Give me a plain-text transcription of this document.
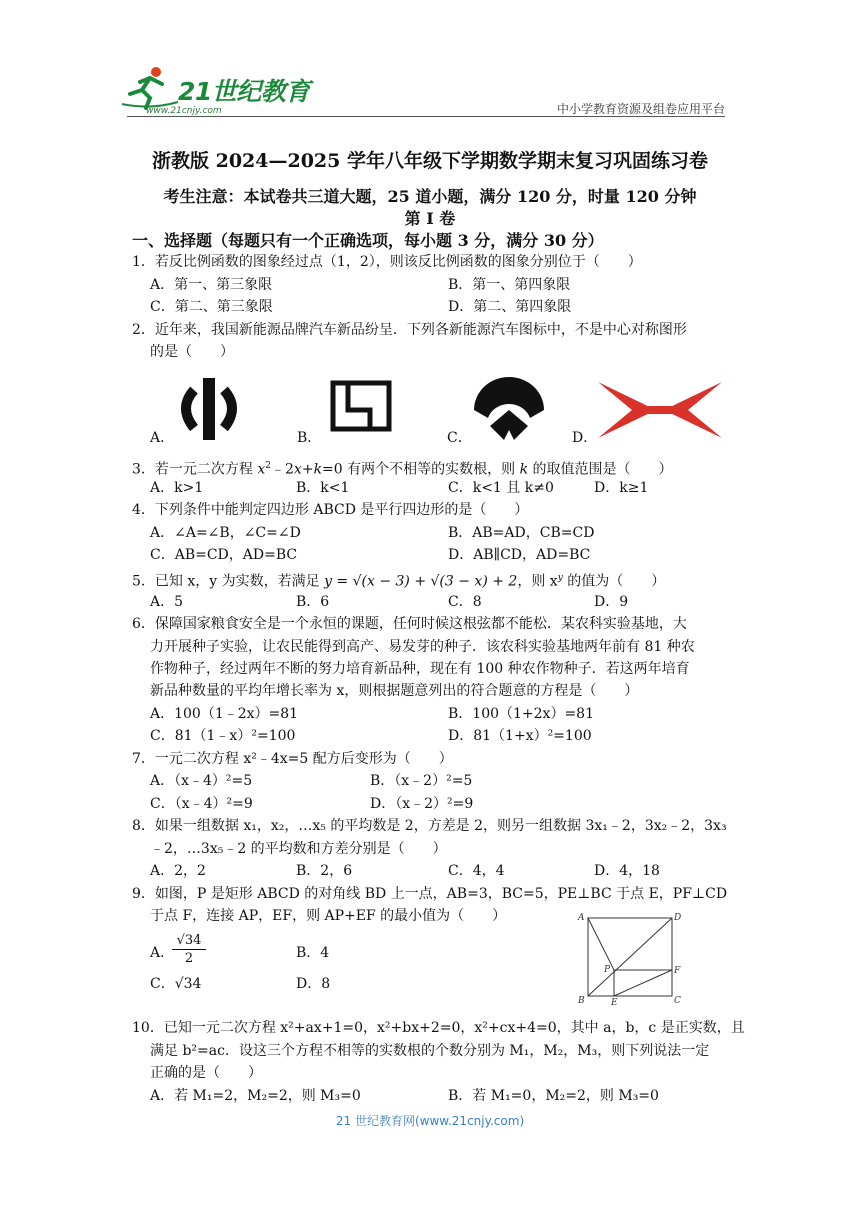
21世纪教育
www.21cnjy.com	中小学教育资源及组卷应用平台
浙教版 2024—2025 学年八年级下学期数学期末复习巩固练习卷
考生注意：本试卷共三道大题，25 道小题，满分 120 分，时量 120 分钟
第 I 卷
一、选择题（每题只有一个正确选项，每小题 3 分，满分 30 分）
1．若反比例函数的图象经过点（1，2），则该反比例函数的图象分别位于（　　）
A．第一、第三象限	B．第一、第四象限
C．第二、第三象限	D．第二、第四象限
2．近年来，我国新能源品牌汽车新品纷呈．下列各新能源汽车图标中，不是中心对称图形
的是（　　）
A．	B．	C．	D．
3．若一元二次方程 $x^2﹣2x+k=0$ 有两个不相等的实数根，则 k 的取值范围是（　　）
A．k>1	B．k<1	C．k<1 且 k≠0	D．k≥1
4．下列条件中能判定四边形 ABCD 是平行四边形的是（　　）
A．∠A=∠B，∠C=∠D	B．AB=AD，CB=CD
C．AB=CD，AD=BC	D．AB∥CD，AD=BC
5．已知 x，y 为实数，若满足 y = √(x − 3) + √(3 − x) + 2，则 $x^y$ 的值为（　　）
A．5	B．6	C．8	D．9
6．保障国家粮食安全是一个永恒的课题，任何时候这根弦都不能松．某农科实验基地，大
力开展种子实验，让农民能得到高产、易发芽的种子．该农科实验基地两年前有 81 种农
作物种子，经过两年不断的努力培育新品种，现在有 100 种农作物种子．若这两年培育
新品种数量的平均年增长率为 x，则根据题意列出的符合题意的方程是（　　）
A．100（1﹣2x）=81	B．100（1+2x）=81
C．81（1﹣x）²=100	D．81（1+x）²=100
7．一元二次方程 x²﹣4x=5 配方后变形为（　　）
A．（x﹣4）²=5	B．（x﹣2）²=5
C．（x﹣4）²=9	D．（x﹣2）²=9
8．如果一组数据 x₁，x₂，…x₅ 的平均数是 2，方差是 2，则另一组数据 3x₁﹣2，3x₂﹣2，3x₃
﹣2，…3x₅﹣2 的平均数和方差分别是（　　）
A．2，2	B．2，6	C．4，4	D．4，18
9．如图，P 是矩形 ABCD 的对角线 BD 上一点，AB=3，BC=5，PE⊥BC 于点 E，PF⊥CD
于点 F，连接 AP，EF，则 AP+EF 的最小值为（　　）
A．
$\frac{√34}{2}$	B．4
C．√34	D．8
A	D
P	F
B	E	C
10．已知一元二次方程 x²+ax+1=0，x²+bx+2=0，x²+cx+4=0，其中 a，b，c 是正实数，且
满足 b²=ac．设这三个方程不相等的实数根的个数分别为 M₁，M₂，M₃，则下列说法一定
正确的是（　　）
A．若 M₁=2，M₂=2，则 M₃=0	B．若 M₁=0，M₂=2，则 M₃=0
21 世纪教育网(www.21cnjy.com)
